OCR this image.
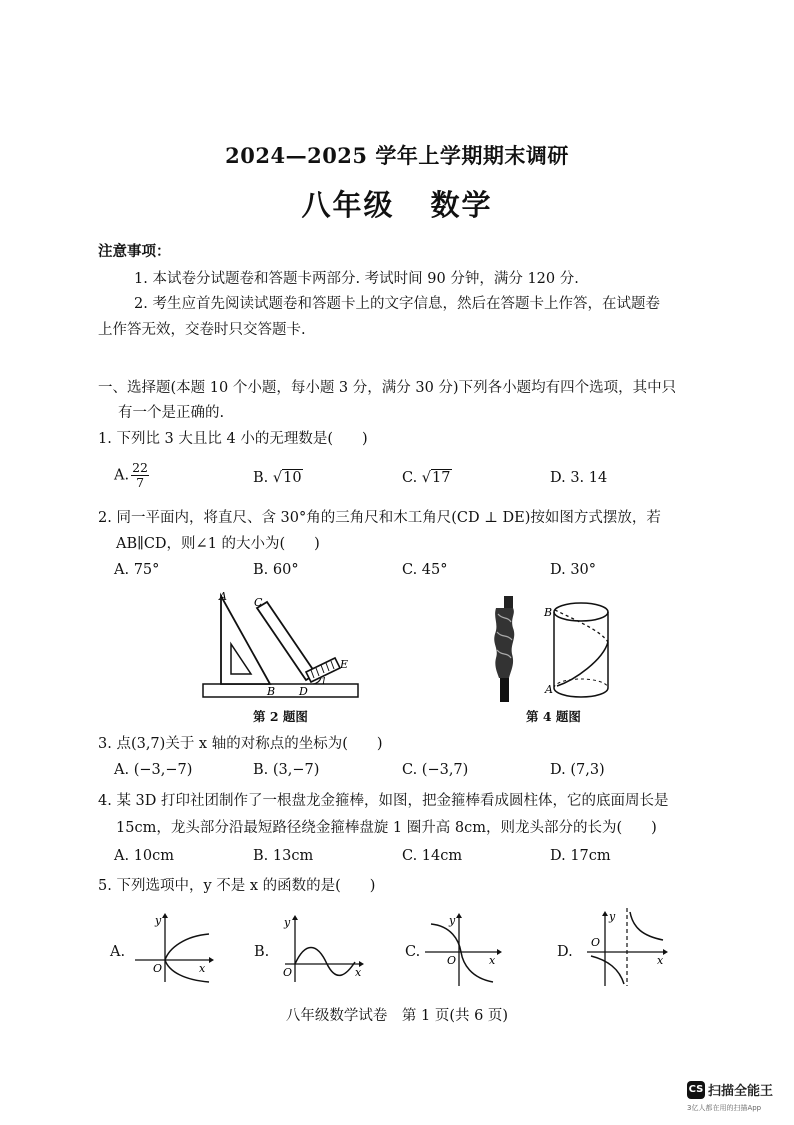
2024—2025 学年上学期期末调研
八年级 数学
注意事项：
1. 本试卷分试题卷和答题卡两部分. 考试时间 90 分钟，满分 120 分.
2. 考生应首先阅读试题卷和答题卡上的文字信息，然后在答题卡上作答，在试题卷
上作答无效，交卷时只交答题卡.
一、选择题(本题 10 个小题，每小题 3 分，满分 30 分)下列各小题均有四个选项，其中只
有一个是正确的.
1. 下列比 3 大且比 4 小的无理数是(　　)
A. $\frac{22}{7}$	B. √10	C. √17	D. 3. 14
2. 同一平面内，将直尺、含 30°角的三角尺和木工角尺(CD ⊥ DE)按如图方式摆放，若
AB∥CD，则∠1 的大小为(　　)
A. 75°	B. 60°	C. 45°	D. 30°
A C
E
B D
1
第 2 题图
B
A
第 4 题图
3. 点(3,7)关于 x 轴的对称点的坐标为(　　)
A. (−3,−7)	B. (3,−7)	C. (−3,7)	D. (7,3)
4. 某 3D 打印社团制作了一根盘龙金箍棒，如图，把金箍棒看成圆柱体，它的底面周长是
15cm，龙头部分沿最短路径绕金箍棒盘旋 1 圈升高 8cm，则龙头部分的长为(　　)
A. 10cm	B. 13cm	C. 14cm	D. 17cm
5. 下列选项中，y 不是 x 的函数的是(　　)
A.
y
x
O
B.
y
x
O
C.
y
x
O
D.
y
x
O
八年级数学试卷　第 1 页(共 6 页)
CS 扫描全能王
3亿人都在用的扫描App
